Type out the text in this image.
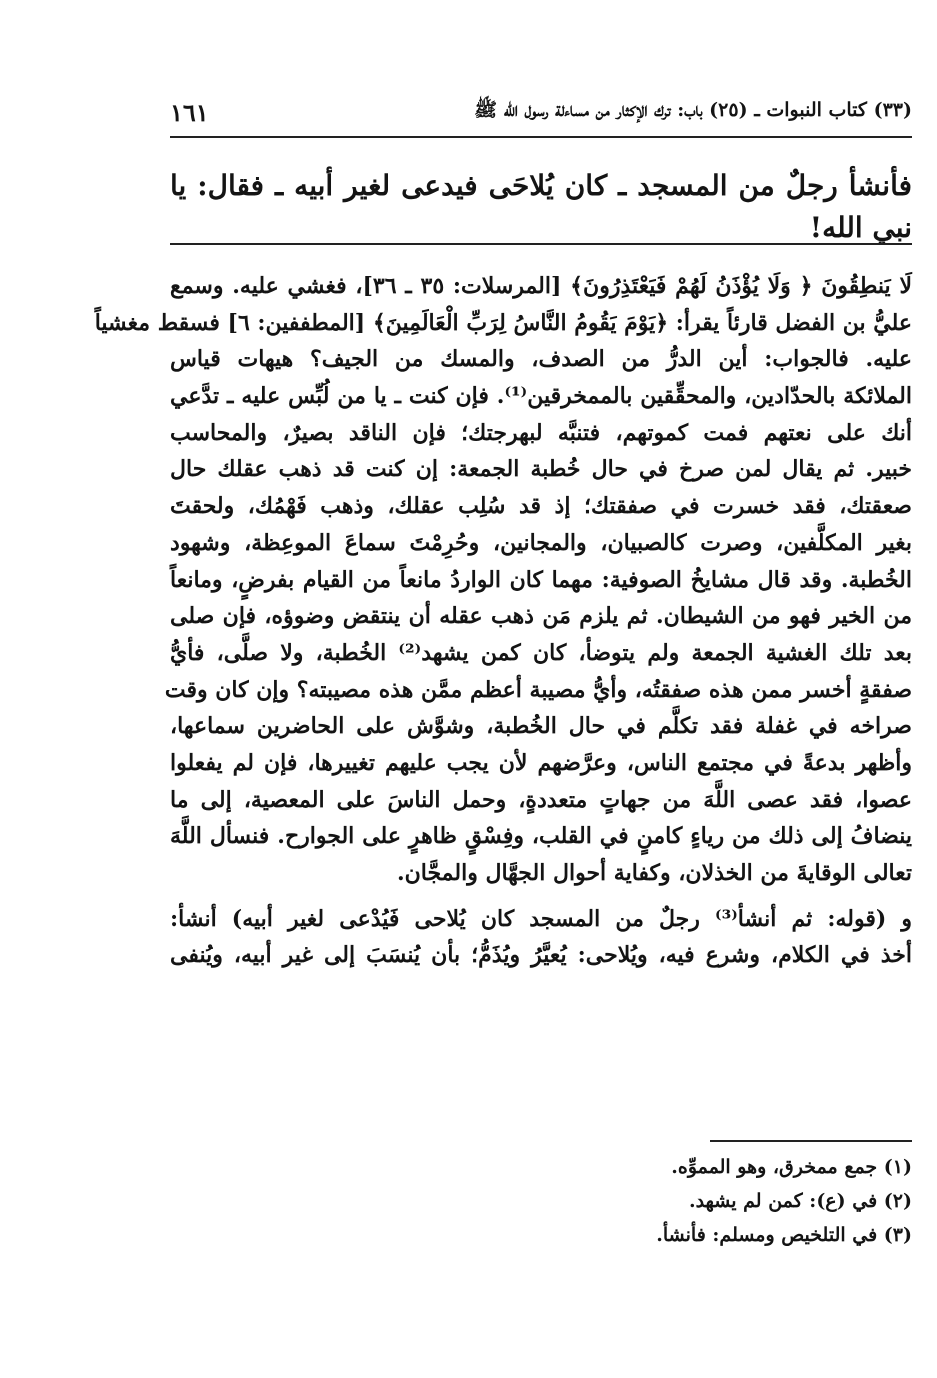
(٣٣) كتاب النبوات ـ (٢٥) باب: ترك الإكثار من مساءلة رسول الله ﷺ
١٦١
فأنشأ رجلٌ من المسجد ـ كان يُلاحَى فيدعى لغير أبيه ـ فقال: يا نبي الله!
لَا يَنطِقُونَ ﴿ وَلَا يُؤْذَنُ لَهُمْ فَيَعْتَذِرُونَ﴾ [المرسلات: ٣٥ ـ ٣٦]، فغشي عليه. وسمع
عليُّ بن الفضل قارئاً يقرأ: ﴿يَوْمَ يَقُومُ النَّاسُ لِرَبِّ الْعَالَمِينَ﴾ [المطففين: ٦] فسقط مغشياً
عليه. فالجواب: أين الدرُّ من الصدف، والمسك من الجيف؟ هيهات قياس
الملائكة بالحدّادين، والمحقِّقين بالممخرقين⁽¹⁾. فإن كنت ـ يا من لُبِّس عليه ـ تدَّعي
أنك على نعتهم فمت كموتهم، فتنبَّه لبهرجتك؛ فإن الناقد بصيرٌ، والمحاسب
خبير. ثم يقال لمن صرخ في حال خُطبة الجمعة: إن كنت قد ذهب عقلك حال
صعقتك، فقد خسرت في صفقتك؛ إذ قد سُلِب عقلك، وذهب فَهْمُك، ولحقتَ
بغير المكلَّفين، وصرت كالصبيان، والمجانين، وحُرِمْتَ سماعَ الموعِظة، وشهود
الخُطبة. وقد قال مشايخُ الصوفية: مهما كان الواردُ مانعاً من القيام بفرضٍ، ومانعاً
من الخير فهو من الشيطان. ثم يلزم مَن ذهب عقله أن ينتقض وضوؤه، فإن صلى
بعد تلك الغشية الجمعة ولم يتوضأ، كان كمن يشهد⁽²⁾ الخُطبة، ولا صلَّى، فأيُّ
صفقةٍ أخسر ممن هذه صفقتُه، وأيُّ مصيبة أعظم ممَّن هذه مصيبته؟ وإن كان وقت
صراخه في غفلة فقد تكلَّم في حال الخُطبة، وشوَّش على الحاضرين سماعها،
وأظهر بدعةً في مجتمع الناس، وعرَّضهم لأن يجب عليهم تغييرها، فإن لم يفعلوا
عصوا، فقد عصى اللَّهَ من جهاتٍ متعددةٍ، وحمل الناسَ على المعصية، إلى ما
ينضافُ إلى ذلك من رياءٍ كامنٍ في القلب، وفِسْقٍ ظاهرٍ على الجوارح. فنسأل اللَّهَ
تعالى الوقايةَ من الخذلان، وكفاية أحوال الجهَّال والمجَّان.
و (قوله: ثم أنشأ⁽³⁾ رجلٌ من المسجد كان يُلاحى فَيُدْعى لغير أبيه) أنشأ:
أخذ في الكلام، وشرع فيه، ويُلاحى: يُعيَّرُ ويُذَمُّ؛ بأن يُنسَبَ إلى غير أبيه، ويُنفى
(١) جمع ممخرق، وهو المموِّه.
(٢) في (ع): كمن لم يشهد.
(٣) في التلخيص ومسلم: فأنشأ.
